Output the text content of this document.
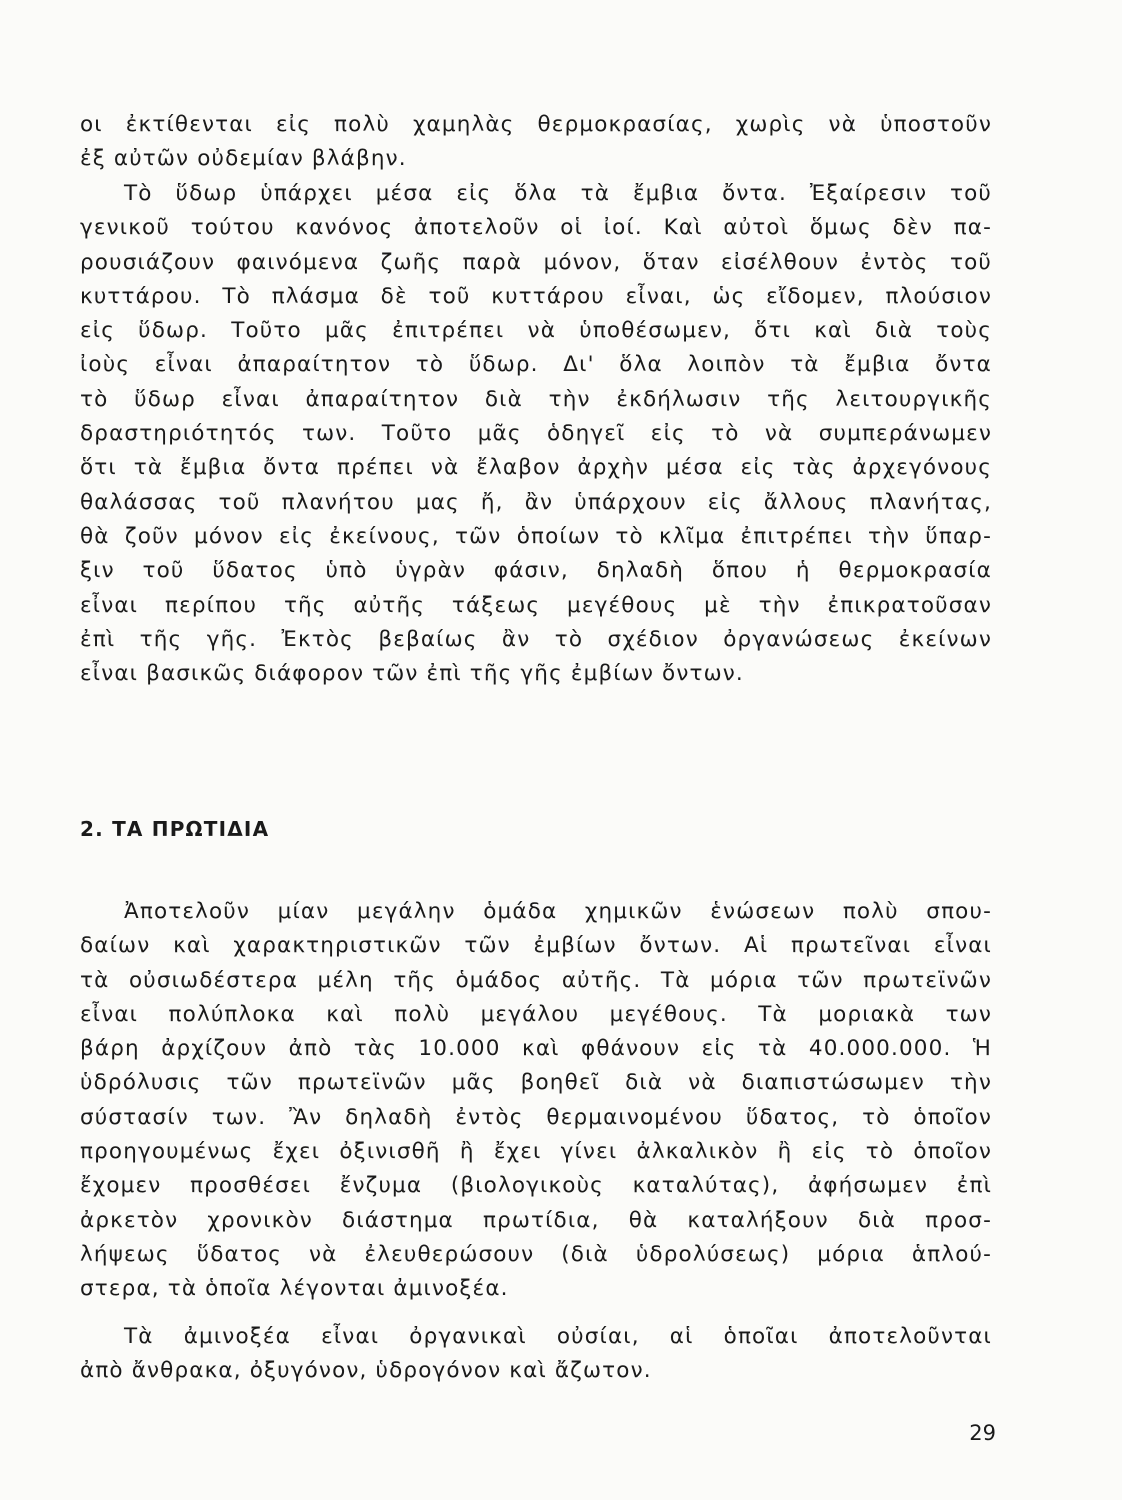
οι ἐκτίθενται εἰς πολὺ χαμηλὰς θερμοκρασίας, χωρὶς νὰ ὑποστοῦν
ἐξ αὐτῶν οὐδεμίαν βλάβην.
Τὸ ὕδωρ ὑπάρχει μέσα εἰς ὅλα τὰ ἔμβια ὄντα. Ἐξαίρεσιν τοῦ
γενικοῦ τούτου κανόνος ἀποτελοῦν οἱ ἰοί. Καὶ αὐτοὶ ὅμως δὲν πα-
ρουσιάζουν φαινόμενα ζωῆς παρὰ μόνον, ὅταν εἰσέλθουν ἐντὸς τοῦ
κυττάρου. Τὸ πλάσμα δὲ τοῦ κυττάρου εἶναι, ὡς εἴδομεν, πλούσιον
εἰς ὕδωρ. Τοῦτο μᾶς ἐπιτρέπει νὰ ὑποθέσωμεν, ὅτι καὶ διὰ τοὺς
ἰοὺς εἶναι ἀπαραίτητον τὸ ὕδωρ. Δι' ὅλα λοιπὸν τὰ ἔμβια ὄντα
τὸ ὕδωρ εἶναι ἀπαραίτητον διὰ τὴν ἐκδήλωσιν τῆς λειτουργικῆς
δραστηριότητός των. Τοῦτο μᾶς ὁδηγεῖ εἰς τὸ νὰ συμπεράνωμεν
ὅτι τὰ ἔμβια ὄντα πρέπει νὰ ἔλαβον ἀρχὴν μέσα εἰς τὰς ἀρχεγόνους
θαλάσσας τοῦ πλανήτου μας ἤ, ἂν ὑπάρχουν εἰς ἄλλους πλανήτας,
θὰ ζοῦν μόνον εἰς ἐκείνους, τῶν ὁποίων τὸ κλῖμα ἐπιτρέπει τὴν ὕπαρ-
ξιν τοῦ ὕδατος ὑπὸ ὑγρὰν φάσιν, δηλαδὴ ὅπου ἡ θερμοκρασία
εἶναι περίπου τῆς αὐτῆς τάξεως μεγέθους μὲ τὴν ἐπικρατοῦσαν
ἐπὶ τῆς γῆς. Ἐκτὸς βεβαίως ἂν τὸ σχέδιον ὀργανώσεως ἐκείνων
εἶναι βασικῶς διάφορον τῶν ἐπὶ τῆς γῆς ἐμβίων ὄντων.
2. ΤΑ ΠΡΩΤΙΔΙΑ
Ἀποτελοῦν μίαν μεγάλην ὁμάδα χημικῶν ἑνώσεων πολὺ σπου-
δαίων καὶ χαρακτηριστικῶν τῶν ἐμβίων ὄντων. Αἱ πρωτεῖναι εἶναι
τὰ οὐσιωδέστερα μέλη τῆς ὁμάδος αὐτῆς. Τὰ μόρια τῶν πρωτεϊνῶν
εἶναι πολύπλοκα καὶ πολὺ μεγάλου μεγέθους. Τὰ μοριακὰ των
βάρη ἀρχίζουν ἀπὸ τὰς 10.000 καὶ φθάνουν εἰς τὰ 40.000.000. Ἡ
ὑδρόλυσις τῶν πρωτεϊνῶν μᾶς βοηθεῖ διὰ νὰ διαπιστώσωμεν τὴν
σύστασίν των. Ἂν δηλαδὴ ἐντὸς θερμαινομένου ὕδατος, τὸ ὁποῖον
προηγουμένως ἔχει ὀξινισθῆ ἢ ἔχει γίνει ἀλκαλικὸν ἢ εἰς τὸ ὁποῖον
ἔχομεν προσθέσει ἔνζυμα (βιολογικοὺς καταλύτας), ἀφήσωμεν ἐπὶ
ἀρκετὸν χρονικὸν διάστημα πρωτίδια, θὰ καταλήξουν διὰ προσ-
λήψεως ὕδατος νὰ ἐλευθερώσουν (διὰ ὑδρολύσεως) μόρια ἁπλού-
στερα, τὰ ὁποῖα λέγονται ἀμινοξέα.
Τὰ ἀμινοξέα εἶναι ὀργανικαὶ οὐσίαι, αἱ ὁποῖαι ἀποτελοῦνται
ἀπὸ ἄνθρακα, ὀξυγόνον, ὑδρογόνον καὶ ἄζωτον.
29
